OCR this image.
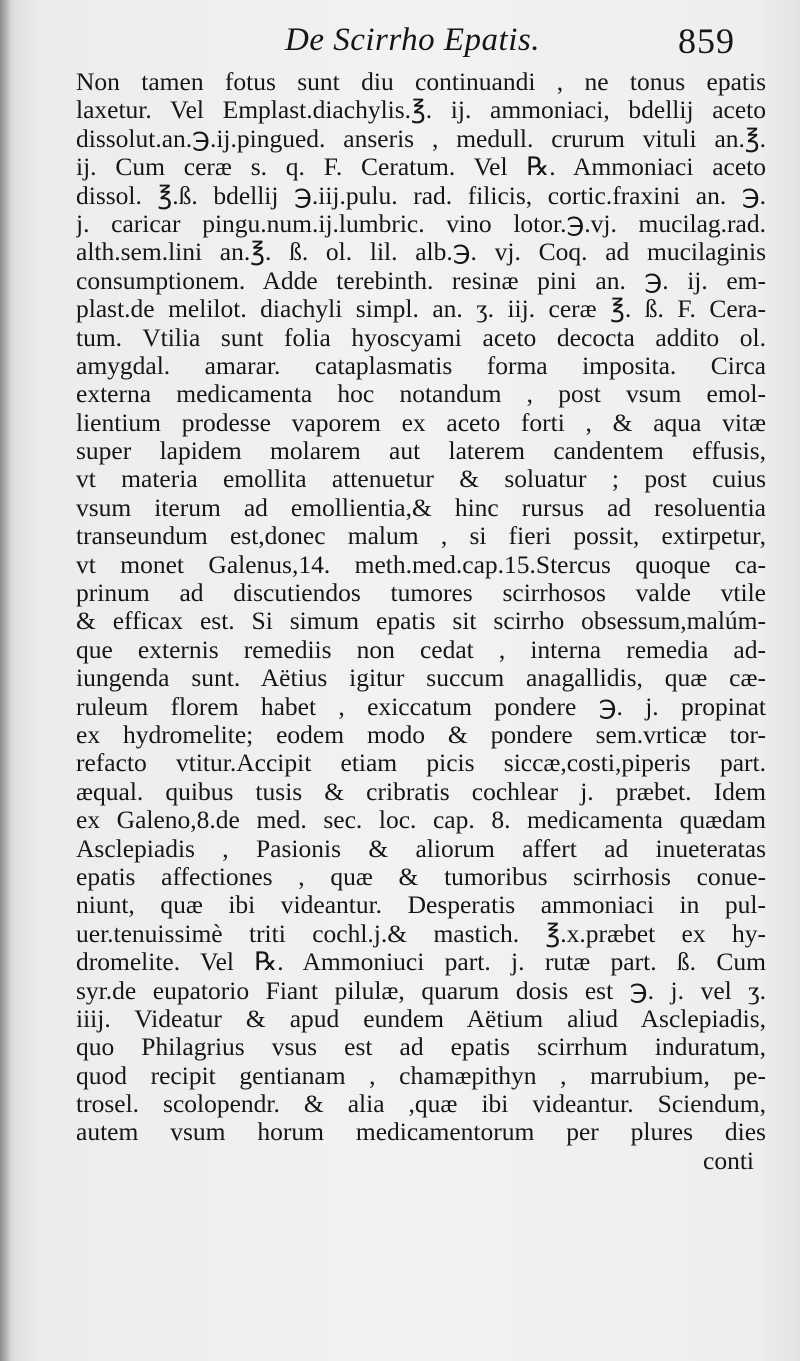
De Scirrho Epatis.	859
Non tamen fotus sunt diu continuandi , ne tonus epatis
laxetur. Vel Emplast.diachylis.℥. ij. ammoniaci, bdellij aceto
dissolut.an.℈.ij.pingued. anseris , medull. crurum vituli an.℥.
ij. Cum ceræ s. q. F. Ceratum. Vel ℞. Ammoniaci aceto
dissol. ℥.ß. bdellij ℈.iij.pulu. rad. filicis, cortic.fraxini an. ℈.
j. caricar pingu.num.ij.lumbric. vino lotor.℈.vj. mucilag.rad.
alth.sem.lini an.℥. ß. ol. lil. alb.℈. vj. Coq. ad mucilaginis
consumptionem. Adde terebinth. resinæ pini an. ℈. ij. em-
plast.de melilot. diachyli simpl. an. ʒ. iij. ceræ ℥. ß. F. Cera-
tum. Vtilia sunt folia hyoscyami aceto decocta addito ol.
amygdal. amarar. cataplasmatis forma imposita. Circa
externa medicamenta hoc notandum , post vsum emol-
lientium prodesse vaporem ex aceto forti , & aqua vitæ
super lapidem molarem aut laterem candentem effusis,
vt materia emollita attenuetur & soluatur ; post cuius
vsum iterum ad emollientia,& hinc rursus ad resoluentia
transeundum est,donec malum , si fieri possit, extirpetur,
vt monet Galenus,14. meth.med.cap.15.Stercus quoque ca-
prinum ad discutiendos tumores scirrhosos valde vtile
& efficax est. Si simum epatis sit scirrho obsessum,malúm-
que externis remediis non cedat , interna remedia ad-
iungenda sunt. Aëtius igitur succum anagallidis, quæ cæ-
ruleum florem habet , exiccatum pondere ℈. j. propinat
ex hydromelite; eodem modo & pondere sem.vrticæ tor-
refacto vtitur.Accipit etiam picis siccæ,costi,piperis part.
æqual. quibus tusis & cribratis cochlear j. præbet. Idem
ex Galeno,8.de med. sec. loc. cap. 8. medicamenta quædam
Asclepiadis , Pasionis & aliorum affert ad inueteratas
epatis affectiones , quæ & tumoribus scirrhosis conue-
niunt, quæ ibi videantur. Desperatis ammoniaci in pul-
uer.tenuissimè triti cochl.j.& mastich. ℥.x.præbet ex hy-
dromelite. Vel ℞. Ammoniuci part. j. rutæ part. ß. Cum
syr.de eupatorio Fiant pilulæ, quarum dosis est ℈. j. vel ʒ.
iiij. Videatur & apud eundem Aëtium aliud Asclepiadis,
quo Philagrius vsus est ad epatis scirrhum induratum,
quod recipit gentianam , chamæpithyn , marrubium, pe-
trosel. scolopendr. & alia ,quæ ibi videantur. Sciendum,
autem vsum horum medicamentorum per plures dies
conti
